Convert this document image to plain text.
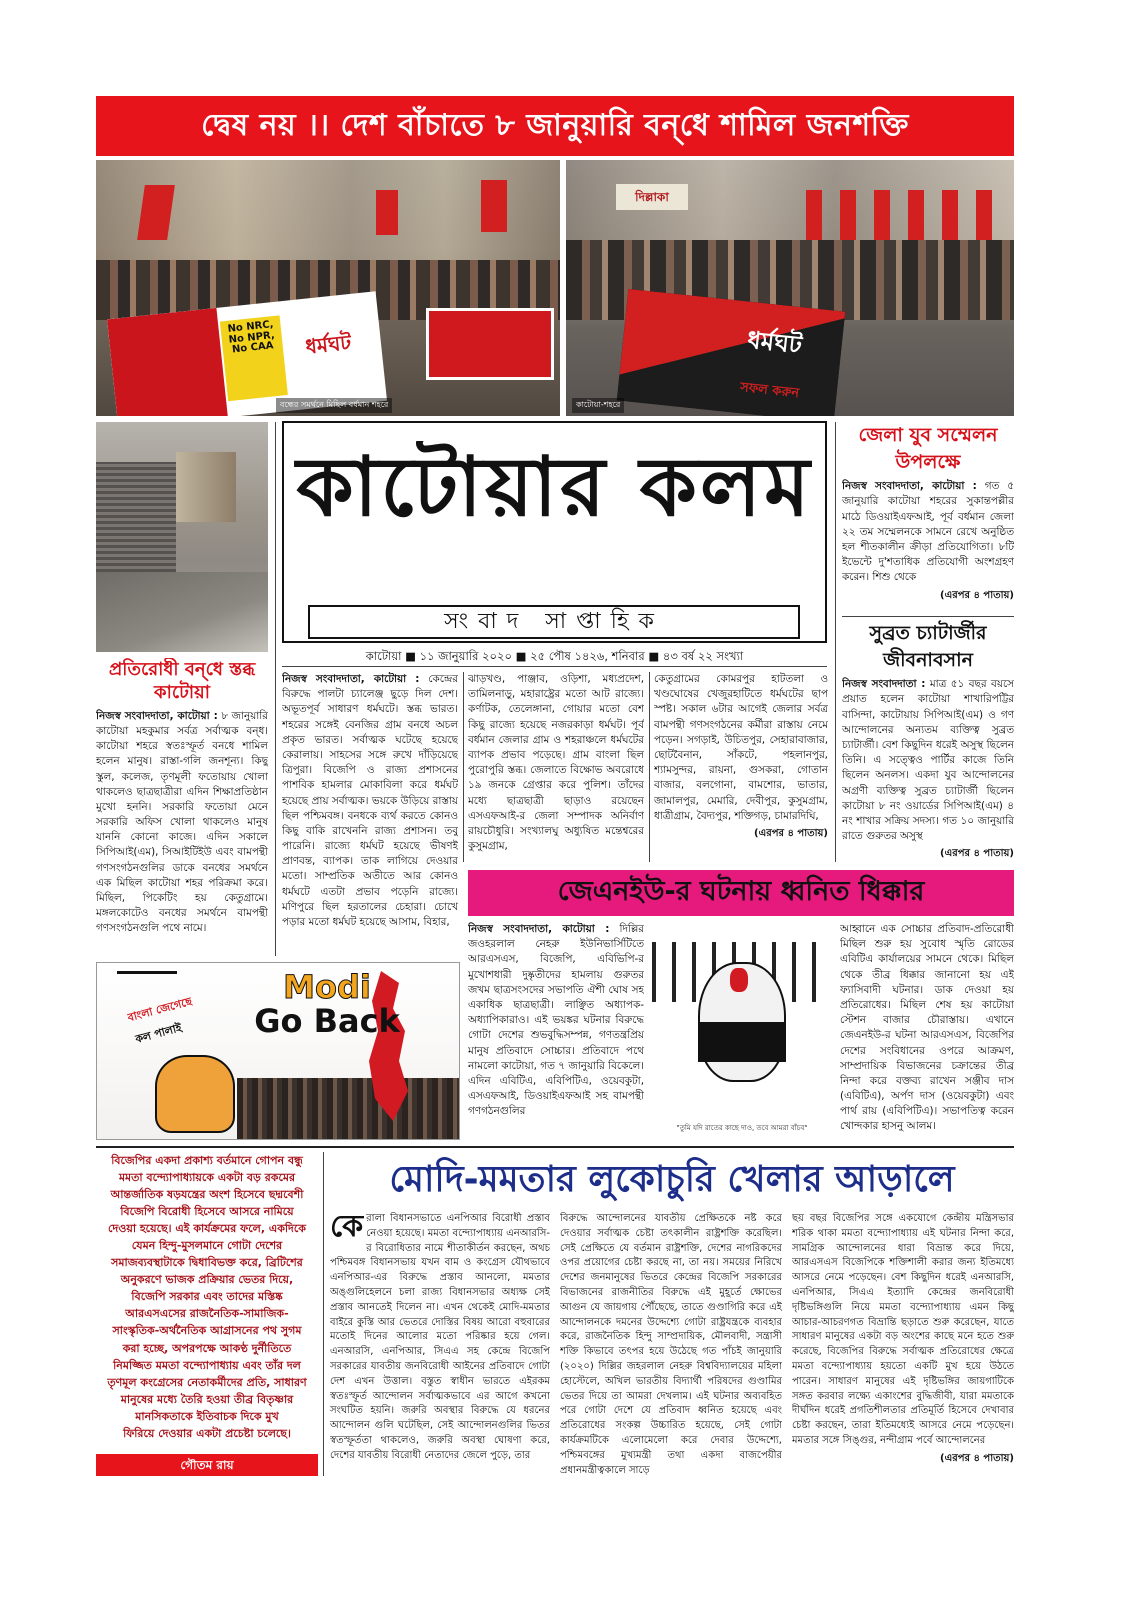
দ্বেষ নয় ।। দেশ বাঁচাতে ৮ জানুয়ারি বন্‌ধে শামিল জনশক্তি
No NRC, No NPR, No CAA	ধর্মঘট
বন্ধের সমর্থনে মিছিল বর্ধমান শহরে
দিল্লাকা
ধর্মঘট
সফল করুন
কাটোয়া-শহরে
কাটোয়ার কলম
সংবাদ সাপ্তাহিক
কাটোয়া ■ ১১ জানুয়ারি ২০২০ ■ ২৫ পৌষ ১৪২৬, শনিবার ■ ৪৩ বর্ষ ২২ সংখ্যা
প্রতিরোধী বন্‌ধে স্তব্ধ কাটোয়া
নিজস্ব সংবাদদাতা, কাটোয়া : ৮ জানুয়ারি কাটোয়া মহকুমার সর্বত্র সর্বাত্মক বন্‌ধ। কাটোয়া শহরে স্বতঃস্ফূর্ত বনধে শামিল হলেন মানুষ। রাস্তা-গলি জনশূন্য। কিছু স্কুল, কলেজ, তৃণমূলী ফতোয়ায় খোলা থাকলেও ছাত্রছাত্রীরা এদিন শিক্ষাপ্রতিষ্ঠান মুখো হননি। সরকারি ফতোয়া মেনে সরকারি অফিস খোলা থাকলেও মানুষ যাননি কোনো কাজে। এদিন সকালে সিপিআই(এম), সিআইটিইউ এবং বামপন্থী গণসংগঠনগুলির ডাকে বনধের সমর্থনে এক মিছিল কাটোয়া শহর পরিক্রমা করে। মিছিল, পিকেটিং হয় কেতুগ্রামে। মঙ্গলকোটেও বনধের সমর্থনে বামপন্থী গণসংগঠনগুলি পথে নামে।
নিজস্ব সংবাদদাতা, কাটোয়া : কেন্দ্রের বিরুদ্ধে পালটা চ্যালেঞ্জ ছুড়ে দিল দেশ। অভূতপূর্ব সাধারণ ধর্মঘটে। স্তব্ধ ভারত। শহরের সঙ্গেই বেনজির গ্রাম বনধে অচল প্রকৃত ভারত। সর্বাত্মক ঘটেছে হয়েছে কেরালায়। সাহসের সঙ্গে রুখে দাঁড়িয়েছে ত্রিপুরা। বিজেপি ও রাজ্য প্রশাসনের পাশবিক হামলার মোকাবিলা করে ধর্মঘট হয়েছে প্রায় সর্বাত্মক। ভয়কে উড়িয়ে রাস্তায় ছিল পশ্চিমবঙ্গ। বনধকে ব্যর্থ করতে কোনও কিছু বাকি রাখেননি রাজ্য প্রশাসন। তবু পারেনি। রাজ্যে ধর্মঘট হয়েছে ভীষণই প্রাণবন্ত, ব্যাপক। তাক লাগিয়ে দেওয়ার মতো। সাম্প্রতিক অতীতে আর কোনও ধর্মঘটে এতটা প্রভাব পড়েনি রাজ্যে। মণিপুরে ছিল হরতালের চেহারা। চোখে পড়ার মতো ধর্মঘট হয়েছে আসাম, বিহার,
ঝাড়খণ্ড, পাঞ্জাব, ওড়িশা, মধ্যপ্রদেশ, তামিলনাড়ু, মহারাষ্ট্রের মতো আট রাজ্যে। কর্ণাটক, তেলেঙ্গানা, গোয়ার মতো বেশ কিছু রাজ্যে হয়েছে নজরকাড়া ধর্মঘট। পূর্ব বর্ধমান জেলার গ্রাম ও শহরাঞ্চলে ধর্মঘটের ব্যাপক প্রভাব পড়েছে। গ্রাম বাংলা ছিল পুরোপুরি স্তব্ধ। জেলাতে বিক্ষোভ অবরোধে ১৯ জনকে গ্রেপ্তার করে পুলিশ। তাঁদের মধ্যে ছাত্রছাত্রী ছাড়াও রয়েছেন এসএফআই-র জেলা সম্পাদক অনির্বাণ রায়চৌধুরি। সংখ্যালঘু অধ্যুষিত মন্তেশ্বরের কুসুমগ্রাম,
কেতুগ্রামের কোমরপুর হাটতলা ও খণ্ডঘোষের খেজুরহাটিতে ধর্মঘটের ছাপ স্পষ্ট। সকাল ৬টার আগেই জেলার সর্বত্র বামপন্থী গণসংগঠনের কর্মীরা রাস্তায় নেমে পড়েন। সগড়াই, উচিতপুর, সেহারাবাজার, ছোটবৈনান, সাঁকটে, পহলানপুর, শ্যামসুন্দর, রায়না, গুসকরা, গোতান বাজার, বলগোনা, বামশোর, ভাতার, জামালপুর, মেমারি, দেবীপুর, কুসুমগ্রাম, ধাত্রীগ্রাম, বৈদ্যপুর, শক্তিগড়, চামারদিঘি,
(এরপর ৪ পাতায়)
জেলা যুব সম্মেলন উপলক্ষে
নিজস্ব সংবাদদাতা, কাটোয়া : গত ৫ জানুয়ারি কাটোয়া শহরের সুকান্তপল্লীর মাঠে ডিওয়াইএফআই, পূর্ব বর্ধমান জেলা ২২ তম সম্মেলনকে সামনে রেখে অনুষ্ঠিত হল শীতকালীন ক্রীড়া প্রতিযোগিতা। ৮টি ইভেন্টে দু'শতাধিক প্রতিযোগী অংশগ্রহণ করেন। শিশু থেকে
(এরপর ৪ পাতায়)
সুব্রত চ্যাটার্জীর জীবনাবসান
নিজস্ব সংবাদদাতা : মাত্র ৫১ বছর বয়সে প্রয়াত হলেন কাটোয়া শাখারিপট্টির বাসিন্দা, কাটোয়ায় সিপিআই(এম) ও গণ আন্দোলনের অন্যতম ব্যক্তিত্ব সুব্রত চ্যাটার্জী। বেশ কিছুদিন ধরেই অসুস্থ ছিলেন তিনি। এ সত্ত্বেও পার্টির কাজে তিনি ছিলেন অনলস। একদা যুব আন্দোলনের অগ্রণী ব্যক্তিত্ব সুব্রত চ্যাটার্জী ছিলেন কাটোয়া ৮ নং ওয়ার্ডের সিপিআই(এম) ৪ নং শাখার সক্রিয় সদস্য। গত ১০ জানুয়ারি রাতে গুরুতর অসুস্থ
(এরপর ৪ পাতায়)
জেএনইউ-র ঘটনায় ধ্বনিত ধিক্কার
Modi
Go Back
বাংলা জেগেছে
কল পালাই
নিজস্ব সংবাদদাতা, কাটোয়া : দিল্লির জওহরলাল নেহরু ইউনিভার্সিটিতে আরএসএস, বিজেপি, এবিভিপি-র মুখোশধারী দুষ্কৃতীদের হামলায় গুরুতর জখম ছাত্রসংসদের সভাপতি ঐশী ঘোষ সহ একাধিক ছাত্রছাত্রী। লাঞ্ছিত অধ্যাপক-অধ্যাপিকারাও। এই ভয়ঙ্কর ঘটনার বিরুদ্ধে গোটা দেশের শুভবুদ্ধিসম্পন্ন, গণতন্ত্রপ্রিয় মানুষ প্রতিবাদে সোচ্চার। প্রতিবাদে পথে নামলো কাটোয়া, গত ৭ জানুয়ারি বিকেলে। এদিন এবিটিএ, এবিপিটিএ, ওয়েবকুটা, এসএফআই, ডিওয়াইএফআই সহ বামপন্থী গণগঠনগুলির
"তুমি যদি রাতের কাছে দাও, তবে আমরা বাঁচব"
আহ্বানে এক সোচ্চার প্রতিবাদ-প্রতিরোধী মিছিল শুরু হয় সুবোধ স্মৃতি রোডের এবিটিএ কার্যালয়ের সামনে থেকে। মিছিল থেকে তীব্র ধিক্কার জানানো হয় এই ফ্যাসিবাদী ঘটনার। ডাক দেওয়া হয় প্রতিরোধের। মিছিল শেষ হয় কাটোয়া স্টেশন বাজার চৌরাস্তায়। এখানে জেএনইউ-র ঘটনা আরএসএস, বিজেপির দেশের সংবিধানের ওপরে আক্রমণ, সাম্প্রদায়িক বিভাজনের চক্রান্তের তীব্র নিন্দা করে বক্তব্য রাখেন সঞ্জীব দাস (এবিটিএ), অর্পণ দাস (ওয়েবকুটা) এবং পার্থ রায় (এবিপিটিএ)। সভাপতিত্ব করেন খোন্দকার হাসনু আলম।

বিজেপির একদা প্রকাশ্য বর্তমানে গোপন বন্ধু

মমতা বন্দ্যোপাধ্যায়কে একটা বড় রকমের

আন্তর্জাতিক ষড়যন্ত্রের অংশ হিসেবে ছদ্মবেশী

বিজেপি বিরোধী হিসেবে আসরে নামিয়ে

দেওয়া হয়েছে। এই কার্যক্রমের ফলে, একদিকে

যেমন হিন্দু-মুসলমানে গোটা দেশের

সমাজব্যবস্থাটাকে দ্বিধাবিভক্ত করে, ব্রিটিশের

অনুকরণে ভাজক প্রক্রিয়ার ভেতর দিয়ে,

বিজেপি সরকার এবং তাদের মস্তিষ্ক

আরএসএসের রাজনৈতিক-সামাজিক-

সাংস্কৃতিক-অর্থনৈতিক আগ্রাসনের পথ সুগম

করা হচ্ছে, অপরপক্ষে আকণ্ঠ দুর্নীতিতে

নিমজ্জিত মমতা বন্দ্যোপাধ্যায় এবং তাঁর দল

তৃণমূল কংগ্রেসের নেতাকর্মীদের প্রতি, সাধারণ

মানুষের মধ্যে তৈরি হওয়া তীব্র বিতৃষ্ণার

মানসিকতাকে ইতিবাচক দিকে মুখ

ফিরিয়ে দেওয়ার একটা প্রচেষ্টা চলেছে।

গৌতম রায়
মোদি-মমতার লুকোচুরি খেলার আড়ালে
কে রালা বিধানসভাতে এনপিআর বিরোধী প্রস্তাব নেওয়া হয়েছে। মমতা বন্দ্যোপাধ্যায় এনআরসি-র বিরোধিতার নামে শীতাকীর্তন করছেন, অথচ পশ্চিমবঙ্গ বিধানসভায় যখন বাম ও কংগ্রেস যৌথভাবে এনপিআর-এর বিরুদ্ধে প্রস্তাব আনলো, মমতার অঙ্গুলিহেলনে চলা রাজ্য বিধানসভার অধ্যক্ষ সেই প্রস্তাব আনতেই দিলেন না। এখন থেকেই মোদি-মমতার বাইরে কুস্তি আর ভেতরে দোস্তির বিষয় আরো বহুবারের মতোই দিনের আলোর মতো পরিষ্কার হয়ে গেল। এনআরসি, এনপিআর, সিএএ সহ কেন্দ্রে বিজেপি সরকারের যাবতীয় জনবিরোধী আইনের প্রতিবাদে গোটা দেশ এখন উত্তাল। বস্তুত স্বাধীন ভারতে এইরকম স্বতঃস্ফূর্ত আন্দোলন সর্বাত্মকভাবে এর আগে কখনো সংঘটিত হয়নি। জরুরি অবস্থার বিরুদ্ধে যে ধরনের আন্দোলন গুলি ঘটেছিল, সেই আন্দোলনগুলির ভিতর স্বতস্ফূর্ততা থাকলেও, জরুরি অবস্থা ঘোষণা করে, দেশের যাবতীয় বিরোধী নেতাদের জেলে পুড়ে, তার
বিরুদ্ধে আন্দোলনের যাবতীয় প্রেক্ষিতকে নষ্ট করে দেওয়ার সর্বাত্মক চেষ্টা তৎকালীন রাষ্ট্রশক্তি করেছিল। সেই প্রেক্ষিতে যে বর্তমান রাষ্ট্রশক্তি, দেশের নাগরিকদের ওপর প্রয়োগের চেষ্টা করছে না, তা নয়। সময়ের নিরিখে দেশের জনমানুষের ভিতরে কেন্দ্রের বিজেপি সরকারের বিভাজনের রাজনীতির বিরুদ্ধে এই মুহূর্তে ক্ষোভের আগুন যে জায়গায় পৌঁছেছে, তাতে গুণ্ডাগিরি করে এই আন্দোলনকে দমনের উদ্দেশ্যে গোটা রাষ্ট্রযন্ত্রকে ব্যবহার করে, রাজনৈতিক হিন্দু সাম্প্রদায়িক, মৌলবাদী, সন্ত্রাসী শক্তি কিভাবে তৎপর হয়ে উঠেছে গত পাঁচই জানুয়ারি (২০২০) দিল্লির জহরলাল নেহরু বিশ্ববিদ্যালয়ের মহিলা হোস্টেলে, অখিল ভারতীয় বিদ্যার্থী পরিষদের গুণ্ডামির ভেতর দিয়ে তা আমরা দেখলাম। এই ঘটনার অব্যবহিত পরে গোটা দেশে যে প্রতিবাদ ধ্বনিত হয়েছে এবং প্রতিরোধের সংকল্প উচ্চারিত হয়েছে, সেই গোটা কার্যক্রমটিকে এলোমেলো করে দেবার উদ্দেশ্যে, পশ্চিমবঙ্গের মুখ্যমন্ত্রী তথা একদা বাজপেয়ীর প্রধানমন্ত্রীত্বকালে সাড়ে
ছয় বছর বিজেপির সঙ্গে একযোগে কেন্দ্রীয় মন্ত্রিসভার শরিক থাকা মমতা বন্দ্যোপাধ্যায় এই ঘটনার নিন্দা করে, সামগ্রিক আন্দোলনের ধারা বিভ্রান্ত করে দিয়ে, আরএসএস বিজেপিকে শক্তিশালী করার জন্য ইতিমধ্যে আসরে নেমে পড়েছেন। বেশ কিছুদিন ধরেই এনআরসি, এনপিআর, সিএএ ইত্যাদি কেন্দ্রের জনবিরোধী দৃষ্টিভঙ্গিগুলি নিয়ে মমতা বন্দ্যোপাধ্যায় এমন কিছু আচার-আচরণগত বিভ্রান্তি ছড়াতে শুরু করেছেন, যাতে সাধারণ মানুষের একটা বড় অংশের কাছে মনে হতে শুরু করেছে, বিজেপির বিরুদ্ধে সর্বাত্মক প্রতিরোধের ক্ষেত্রে মমতা বন্দ্যোপাধ্যায় হয়তো একটি মুখ হয়ে উঠতে পারেন। সাধারণ মানুষের এই দৃষ্টিভঙ্গির জায়গাটিকে সঙ্গত করবার লক্ষ্যে একাংশের বুদ্ধিজীবী, যারা মমতাকে দীর্ঘদিন ধরেই প্রগতিশীলতার প্রতিমূর্তি হিসেবে দেখাবার চেষ্টা করছেন, তারা ইতিমধ্যেই আসরে নেমে পড়েছেন। মমতার সঙ্গে সিঙ্গুর, নন্দীগ্রাম পর্বে আন্দোলনের
(এরপর ৪ পাতায়)
